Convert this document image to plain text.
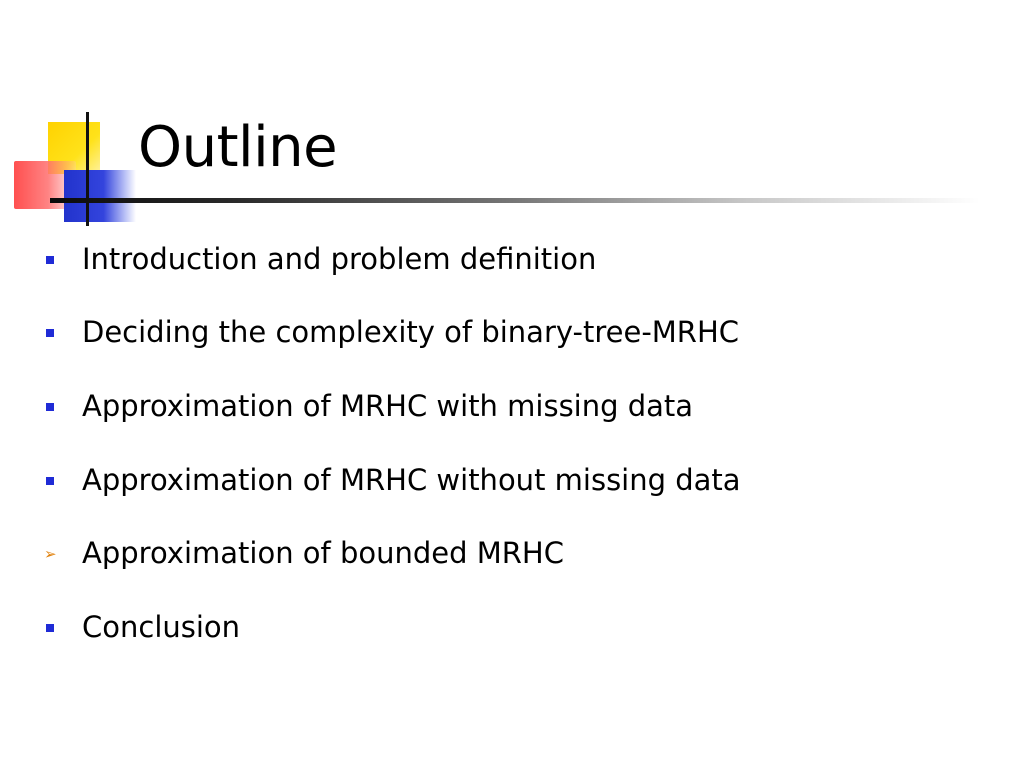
Outline
Introduction and problem definition
Deciding the complexity of binary-tree-MRHC
Approximation of MRHC with missing data
Approximation of MRHC without missing data
➢ Approximation of bounded MRHC
Conclusion
